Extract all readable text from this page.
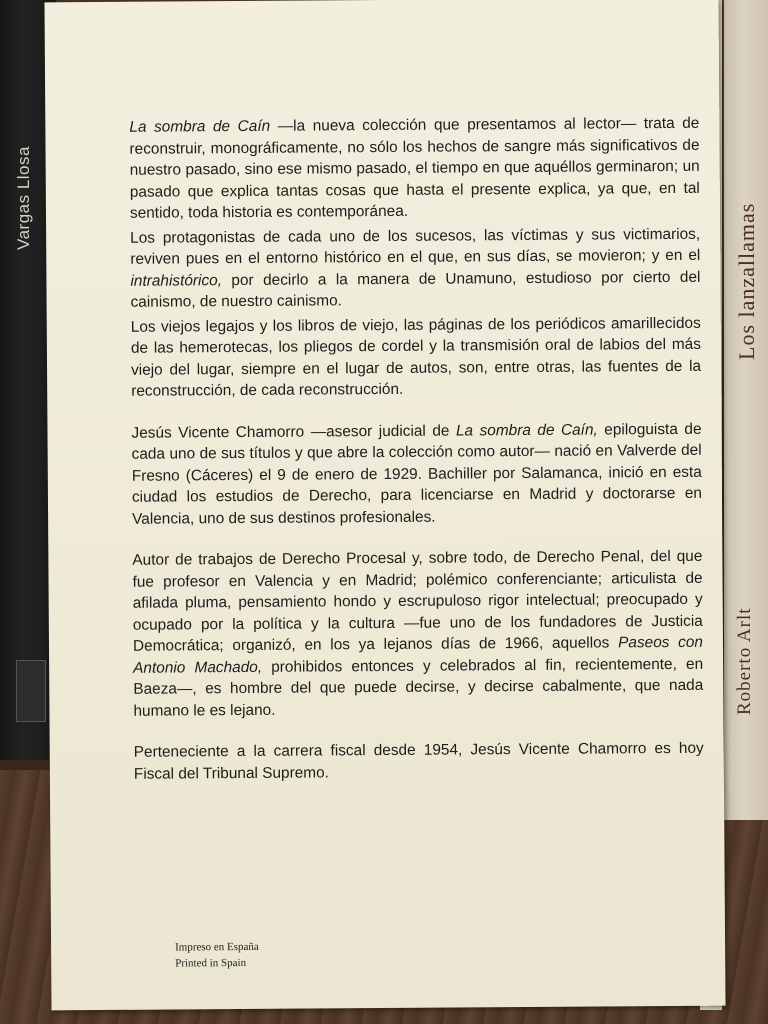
Vargas Llosa
Los lanzallamas
Roberto Arlt

La sombra de Caín —la nueva colección que presentamos al lector— trata de reconstruir, monográficamente, no sólo los hechos de sangre más significativos de nuestro pasado, sino ese mismo pasado, el tiempo en que aquéllos germinaron; un pasado que explica tantas cosas que hasta el presente explica, ya que, en tal sentido, toda historia es contemporánea.

Los protagonistas de cada uno de los sucesos, las víctimas y sus victimarios, reviven pues en el entorno histórico en el que, en sus días, se movieron; y en el intrahistórico, por decirlo a la manera de Unamuno, estudioso por cierto del cainismo, de nuestro cainismo.

Los viejos legajos y los libros de viejo, las páginas de los periódicos amarillecidos de las hemerotecas, los pliegos de cordel y la transmisión oral de labios del más viejo del lugar, siempre en el lugar de autos, son, entre otras, las fuentes de la reconstrucción, de cada reconstrucción.

Jesús Vicente Chamorro —asesor judicial de La sombra de Caín, epiloguista de cada uno de sus títulos y que abre la colección como autor— nació en Valverde del Fresno (Cáceres) el 9 de enero de 1929. Bachiller por Salamanca, inició en esta ciudad los estudios de Derecho, para licenciarse en Madrid y doctorarse en Valencia, uno de sus destinos profesionales.

Autor de trabajos de Derecho Procesal y, sobre todo, de Derecho Penal, del que fue profesor en Valencia y en Madrid; polémico conferenciante; articulista de afilada pluma, pensamiento hondo y escrupuloso rigor intelectual; preocupado y ocupado por la política y la cultura —fue uno de los fundadores de Justicia Democrática; organizó, en los ya lejanos días de 1966, aquellos Paseos con Antonio Machado, prohibidos entonces y celebrados al fin, recientemente, en Baeza—, es hombre del que puede decirse, y decirse cabalmente, que nada humano le es lejano.

Perteneciente a la carrera fiscal desde 1954, Jesús Vicente Chamorro es hoy Fiscal del Tribunal Supremo.

Impreso en España
Printed in Spain
